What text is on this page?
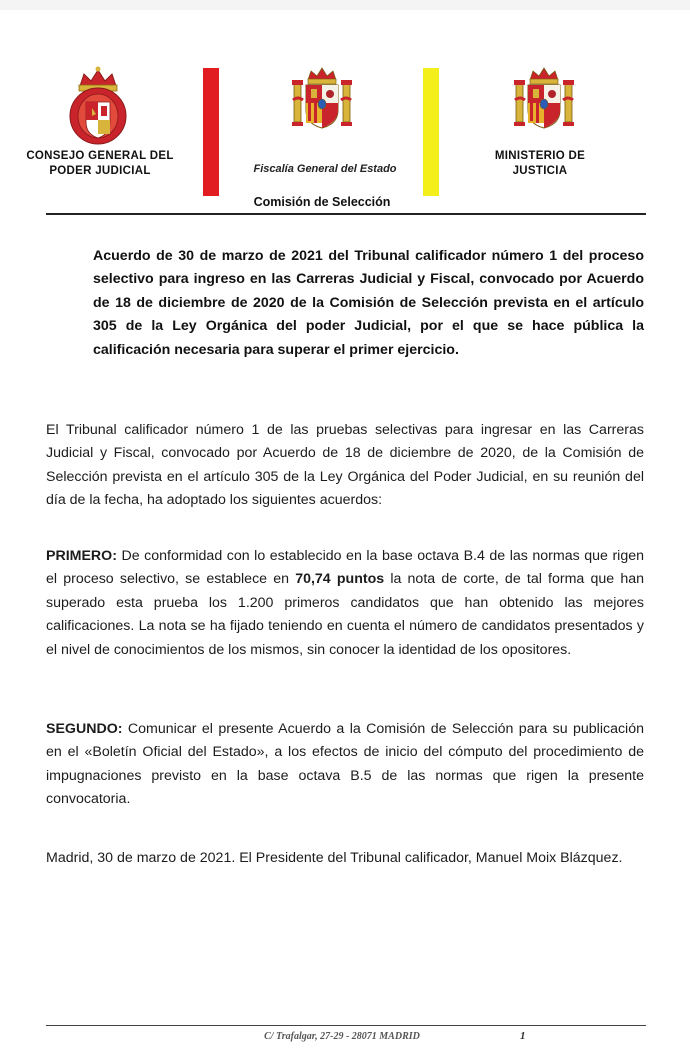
CONSEJO GENERAL DEL
PODER JUDICIAL	Fiscalía General del Estado
MINISTERIO DE
JUSTICIA
Comisión de Selección
Acuerdo de 30 de marzo de 2021 del Tribunal calificador número 1 del proceso selectivo para ingreso en las Carreras Judicial y Fiscal, convocado por Acuerdo de 18 de diciembre de 2020 de la Comisión de Selección prevista en el artículo 305 de la Ley Orgánica del poder Judicial, por el que se hace pública la calificación necesaria para superar el primer ejercicio.
El Tribunal calificador número 1 de las pruebas selectivas para ingresar en las Carreras Judicial y Fiscal, convocado por Acuerdo de 18 de diciembre de 2020, de la Comisión de Selección prevista en el artículo 305 de la Ley Orgánica del Poder Judicial, en su reunión del día de la fecha, ha adoptado los siguientes acuerdos:
PRIMERO: De conformidad con lo establecido en la base octava B.4 de las normas que rigen el proceso selectivo, se establece en 70,74 puntos la nota de corte, de tal forma que han superado esta prueba los 1.200 primeros candidatos que han obtenido las mejores calificaciones. La nota se ha fijado teniendo en cuenta el número de candidatos presentados y el nivel de conocimientos de los mismos, sin conocer la identidad de los opositores.
SEGUNDO: Comunicar el presente Acuerdo a la Comisión de Selección para su publicación en el «Boletín Oficial del Estado», a los efectos de inicio del cómputo del procedimiento de impugnaciones previsto en la base octava B.5 de las normas que rigen la presente convocatoria.
Madrid, 30 de marzo de 2021. El Presidente del Tribunal calificador, Manuel Moix Blázquez.
C/ Trafalgar, 27-29 - 28071 MADRID	1
